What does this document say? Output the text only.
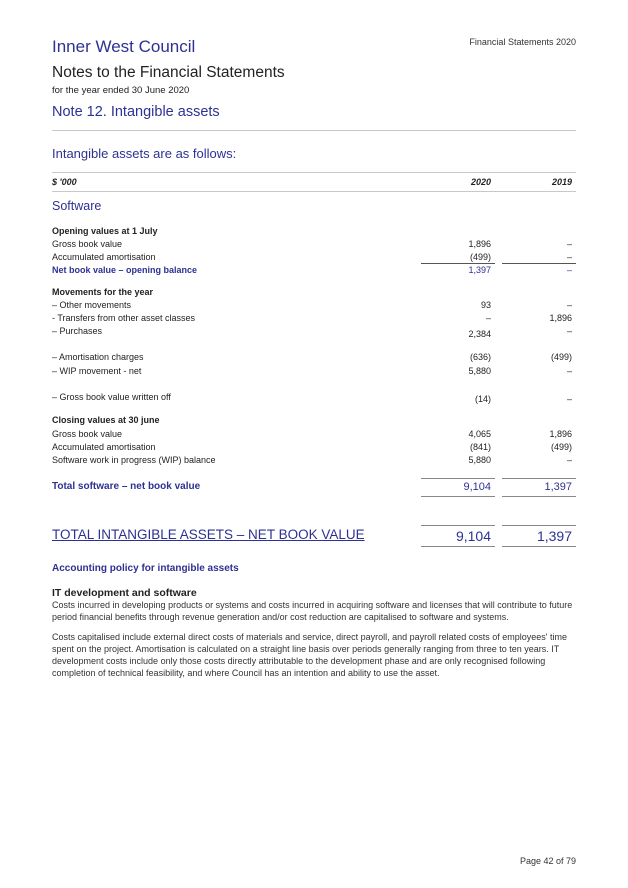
Financial Statements 2020
Inner West Council
Notes to the Financial Statements
for the year ended 30 June 2020
Note 12. Intangible assets
Intangible assets are as follows:
$ '000	2020	2019
Software
Opening values at 1 July
Gross book value	1,896	–
Accumulated amortisation	(499)	–
Net book value – opening balance	1,397	–
Movements for the year
– Other movements	93	–
- Transfers from other asset classes	–	1,896
– Purchases	2,384	–
– Amortisation charges	(636)	(499)
– WIP movement - net	5,880	–
– Gross book value written off	(14)	–
Closing values at 30 june
Gross book value	4,065	1,896
Accumulated amortisation	(841)	(499)
Software work in progress (WIP) balance	5,880	–
Total software – net book value	9,104	1,397
TOTAL INTANGIBLE ASSETS – NET BOOK VALUE	9,104	1,397
Accounting policy for intangible assets
IT development and software
Costs incurred in developing products or systems and costs incurred in acquiring software and licenses that will contribute to future period financial benefits through revenue generation and/or cost reduction are capitalised to software and systems.
Costs capitalised include external direct costs of materials and service, direct payroll, and payroll related costs of employees' time spent on the project. Amortisation is calculated on a straight line basis over periods generally ranging from three to ten years. IT development costs include only those costs directly attributable to the development phase and are only recognised following completion of technical feasibility, and where Council has an intention and ability to use the asset.
Page 42 of 79
